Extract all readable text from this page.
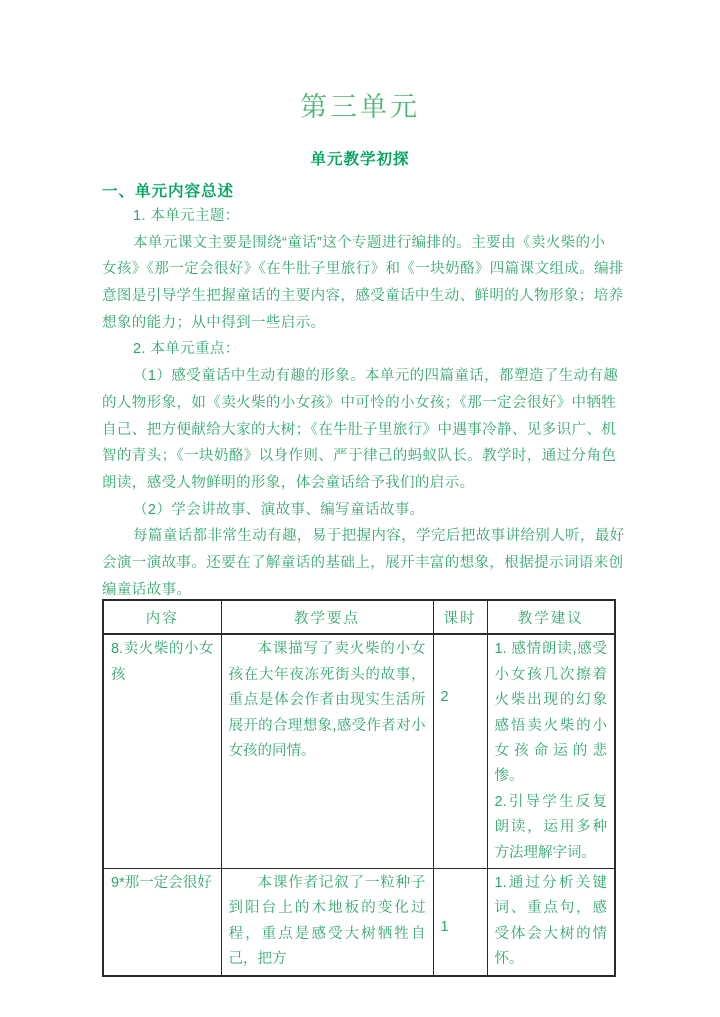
第三单元
单元教学初探
一、单元内容总述
1. 本单元主题：
本单元课文主要是围绕“童话”这个专题进行编排的。主要由《卖火柴的小
女孩》《那一定会很好》《在牛肚子里旅行》和《一块奶酪》四篇课文组成。编排
意图是引导学生把握童话的主要内容，感受童话中生动、鲜明的人物形象；培养
想象的能力；从中得到一些启示。
2. 本单元重点：
（1）感受童话中生动有趣的形象。本单元的四篇童话，都塑造了生动有趣
的人物形象，如《卖火柴的小女孩》中可怜的小女孩；《那一定会很好》中牺牲
自己、把方便献给大家的大树；《在牛肚子里旅行》中遇事冷静、见多识广、机
智的青头；《一块奶酪》以身作则、严于律己的蚂蚁队长。教学时，通过分角色
朗读，感受人物鲜明的形象，体会童话给予我们的启示。
（2）学会讲故事、演故事、编写童话故事。
每篇童话都非常生动有趣，易于把握内容，学完后把故事讲给别人听，最好
会演一演故事。还要在了解童话的基础上，展开丰富的想象，根据提示词语来创
编童话故事。
内容	教学要点	课时	教学建议
8.卖火柴的小女孩	本课描写了卖火柴的小女孩在大年夜冻死街头的故事，重点是体会作者由现实生活所展开的合理想象,感受作者对小女孩的同情。	2	1. 感情朗读,感受小女孩几次擦着火柴出现的幻象感悟卖火柴的小女孩命运的悲惨。
2.引导学生反复朗读，运用多种方法理解字词。

9*那一定会很好	本课作者记叙了一粒种子到阳台上的木地板的变化过程，重点是感受大树牺牲自己，把方	1	1.通过分析关键词、重点句，感受体会大树的情怀。
